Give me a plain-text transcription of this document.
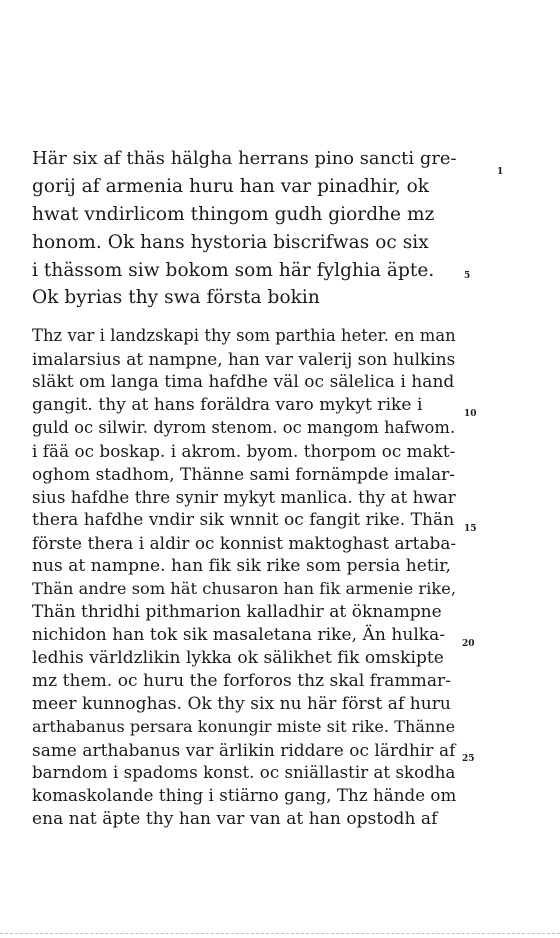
Här six af thäs hälgha herrans pino sancti gre-
gorij af armenia huru han var pinadhir, ok
hwat vndirlicom thingom gudh giordhe mz
honom. Ok hans hystoria biscrifwas oc six
i thässom siw bokom som här fylghia äpte.
Ok byrias thy swa första bokin
1
5
Thz var i landzskapi thy som parthia heter. en man
imalarsius at nampne, han var valerij son hulkins
släkt om langa tima hafdhe väl oc sälelica i hand
gangit. thy at hans foräldra varo mykyt rike i
guld oc silwir. dyrom stenom. oc mangom hafwom.
i fää oc boskap. i akrom. byom. thorpom oc makt-
oghom stadhom, Thänne sami fornämpde imalar-
sius hafdhe thre synir mykyt manlica. thy at hwar
thera hafdhe vndir sik wnnit oc fangit rike. Thän
förste thera i aldir oc konnist maktoghast artaba-
nus at nampne. han fik sik rike som persia hetir,
Thän andre som hät chusaron han fik armenie rike,
Thän thridhi pithmarion kalladhir at öknampne
nichidon han tok sik masaletana rike, Än hulka-
ledhis världzlikin lykka ok sälikhet fik omskipte
mz them. oc huru the forforos thz skal frammar-
meer kunnoghas. Ok thy six nu här först af huru
arthabanus persara konungir miste sit rike. Thänne
same arthabanus var ärlikin riddare oc lärdhir af
barndom i spadoms konst. oc sniällastir at skodha
komaskolande thing i stiärno gang, Thz hände om
ena nat äpte thy han var van at han opstodh af
10
15
20
25
